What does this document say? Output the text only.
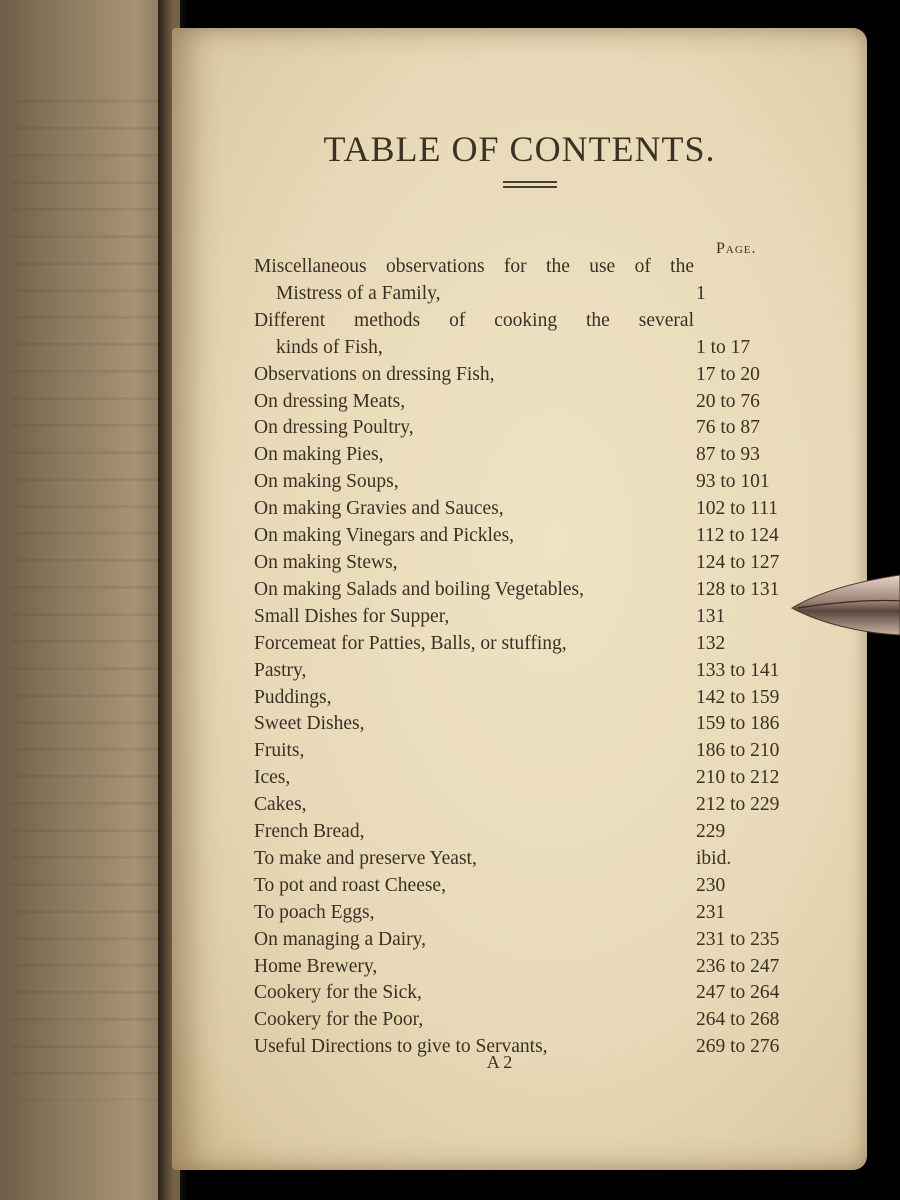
TABLE OF CONTENTS.
Page.
Miscellaneous observations for the use of the
Mistress of a Family,	1
Different methods of cooking the several
kinds of Fish,	1 to 17
Observations on dressing Fish,	17 to 20
On dressing Meats,	20 to 76
On dressing Poultry,	76 to 87
On making Pies,	87 to 93
On making Soups,	93 to 101
On making Gravies and Sauces,	102 to 111
On making Vinegars and Pickles,	112 to 124
On making Stews,	124 to 127
On making Salads and boiling Vegetables,	128 to 131
Small Dishes for Supper,	131
Forcemeat for Patties, Balls, or stuffing,	132
Pastry,	133 to 141
Puddings,	142 to 159
Sweet Dishes,	159 to 186
Fruits,	186 to 210
Ices,	210 to 212
Cakes,	212 to 229
French Bread,	229
To make and preserve Yeast,	ibid.
To pot and roast Cheese,	230
To poach Eggs,	231
On managing a Dairy,	231 to 235
Home Brewery,	236 to 247
Cookery for the Sick,	247 to 264
Cookery for the Poor,	264 to 268
Useful Directions to give to Servants,	269 to 276
A 2
